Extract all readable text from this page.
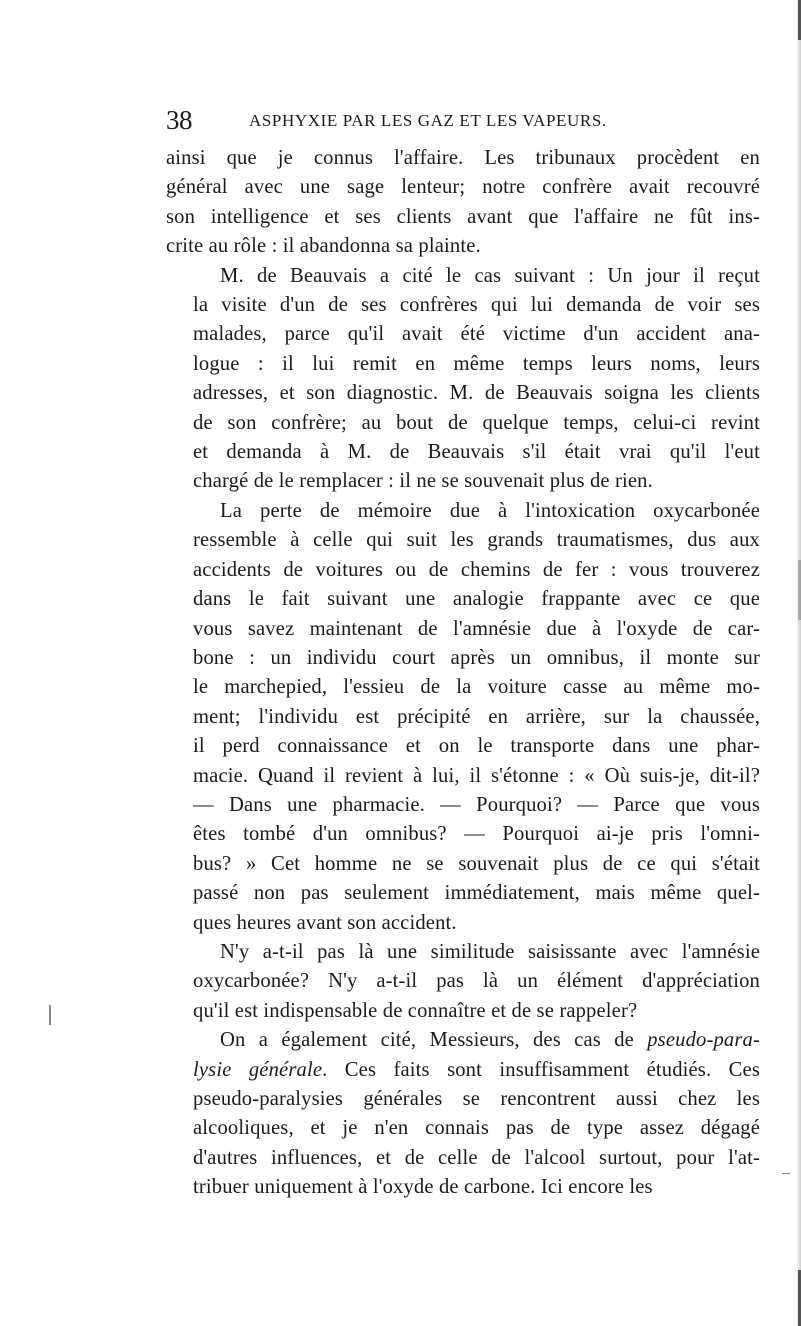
38	ASPHYXIE PAR LES GAZ ET LES VAPEURS.
ainsi que je connus l'affaire. Les tribunaux procèdent en
général avec une sage lenteur; notre confrère avait recouvré
son intelligence et ses clients avant que l'affaire ne fût ins-
crite au rôle : il abandonna sa plainte.
M. de Beauvais a cité le cas suivant : Un jour il reçut
la visite d'un de ses confrères qui lui demanda de voir ses
malades, parce qu'il avait été victime d'un accident ana-
logue : il lui remit en même temps leurs noms, leurs
adresses, et son diagnostic. M. de Beauvais soigna les clients
de son confrère; au bout de quelque temps, celui-ci revint
et demanda à M. de Beauvais s'il était vrai qu'il l'eut
chargé de le remplacer : il ne se souvenait plus de rien.
La perte de mémoire due à l'intoxication oxycarbonée
ressemble à celle qui suit les grands traumatismes, dus aux
accidents de voitures ou de chemins de fer : vous trouverez
dans le fait suivant une analogie frappante avec ce que
vous savez maintenant de l'amnésie due à l'oxyde de car-
bone : un individu court après un omnibus, il monte sur
le marchepied, l'essieu de la voiture casse au même mo-
ment; l'individu est précipité en arrière, sur la chaussée,
il perd connaissance et on le transporte dans une phar-
macie. Quand il revient à lui, il s'étonne : « Où suis-je, dit-il?
— Dans une pharmacie. — Pourquoi? — Parce que vous
êtes tombé d'un omnibus? — Pourquoi ai-je pris l'omni-
bus? » Cet homme ne se souvenait plus de ce qui s'était
passé non pas seulement immédiatement, mais même quel-
ques heures avant son accident.
N'y a-t-il pas là une similitude saisissante avec l'amnésie
oxycarbonée? N'y a-t-il pas là un élément d'appréciation
qu'il est indispensable de connaître et de se rappeler?
On a également cité, Messieurs, des cas de pseudo-para-
lysie générale. Ces faits sont insuffisamment étudiés. Ces
pseudo-paralysies générales se rencontrent aussi chez les
alcooliques, et je n'en connais pas de type assez dégagé
d'autres influences, et de celle de l'alcool surtout, pour l'at-
tribuer uniquement à l'oxyde de carbone. Ici encore les
